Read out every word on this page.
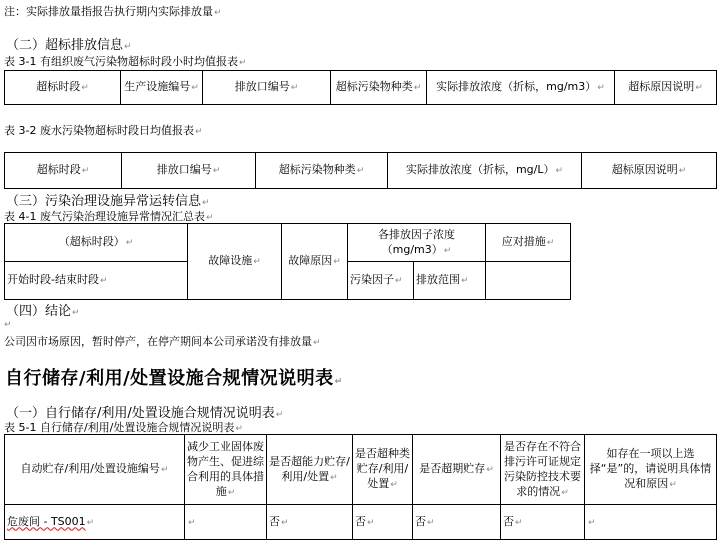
注：实际排放量指报告执行期内实际排放量↵
（二）超标排放信息↵
表 3-1 有组织废气污染物超标时段小时均值报表↵
超标时段↵	生产设施编号↵	排放口编号↵	超标污染物种类↵	实际排放浓度（折标，mg/m3）↵	超标原因说明↵
表 3-2 废水污染物超标时段日均值报表↵
超标时段↵	排放口编号↵	超标污染物种类↵	实际排放浓度（折标，mg/L）↵	超标原因说明↵
（三）污染治理设施异常运转信息↵
表 4-1 废气污染治理设施异常情况汇总表↵
（超标时段）↵	故障设施↵	故障原因↵	各排放因子浓度
（mg/m3）↵		应对措施↵
开始时段-结束时段↵			污染因子↵	排放范围↵	
（四）结论↵
↵
公司因市场原因，暂时停产，在停产期间本公司承诺没有排放量↵
自行储存/利用/处置设施合规情况说明表↵
（一）自行储存/利用/处置设施合规情况说明表↵
表 5-1 自行储存/利用/处置设施合规情况说明表↵
自动贮存/利用/处置设施编号↵	减少工业固体废物产生、促进综合利用的具体措施↵	是否超能力贮存/利用/处置↵	是否超种类贮存/利用/处置↵	是否超期贮存↵	是否存在不符合排污许可证规定污染防控技术要求的情况↵	如存在一项以上选择“是”的，请说明具体情况和原因↵
危废间 - TS001↵	↵	否↵	否↵	否↵	否↵	↵
